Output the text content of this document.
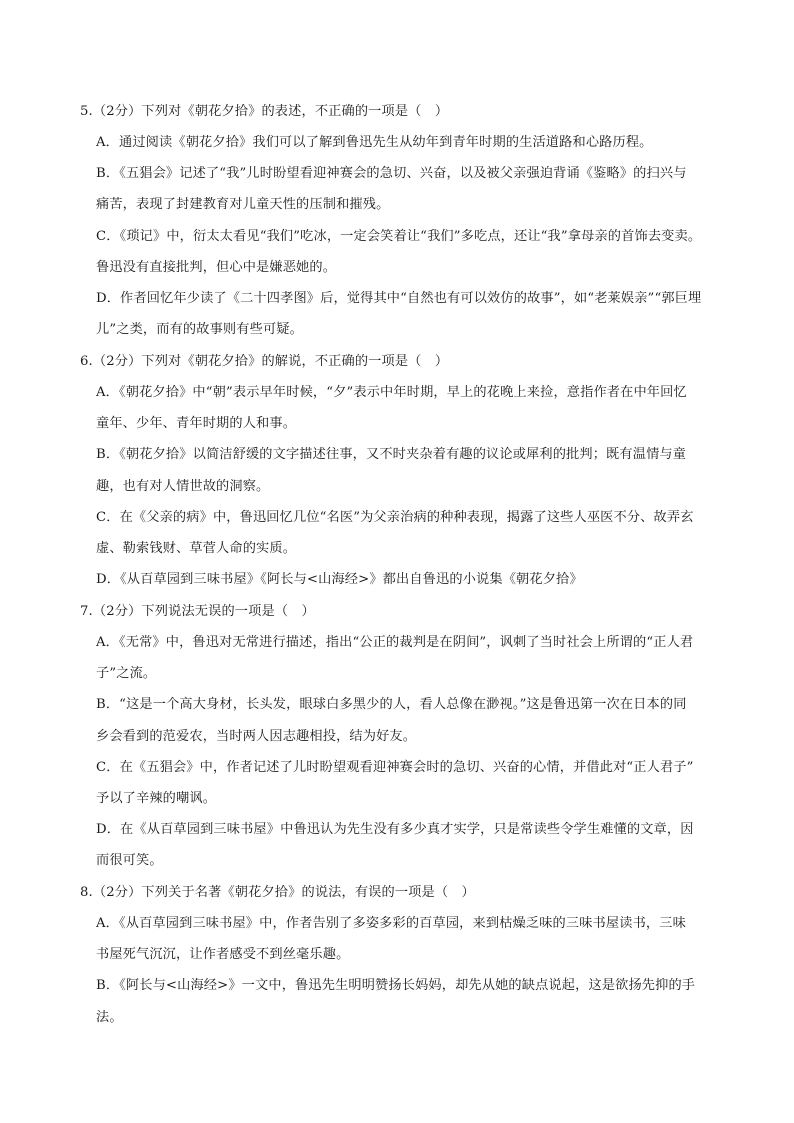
5.（2分）下列对《朝花夕拾》的表述，不正确的一项是（　）
A．通过阅读《朝花夕拾》我们可以了解到鲁迅先生从幼年到青年时期的生活道路和心路历程。
B．《五猖会》记述了“我”儿时盼望看迎神赛会的急切、兴奋，以及被父亲强迫背诵《鉴略》的扫兴与
痛苦，表现了封建教育对儿童天性的压制和摧残。
C．《琐记》中，衍太太看见“我们”吃冰，一定会笑着让“我们”多吃点，还让“我”拿母亲的首饰去变卖。
鲁迅没有直接批判，但心中是嫌恶她的。
D．作者回忆年少读了《二十四孝图》后，觉得其中“自然也有可以效仿的故事”，如“老莱娱亲”“郭巨埋
儿”之类，而有的故事则有些可疑。
6.（2分）下列对《朝花夕拾》的解说，不正确的一项是（　）
A．《朝花夕拾》中“朝”表示早年时候，“夕”表示中年时期，早上的花晚上来捡，意指作者在中年回忆
童年、少年、青年时期的人和事。
B．《朝花夕拾》以简洁舒缓的文字描述往事，又不时夹杂着有趣的议论或犀利的批判；既有温情与童
趣，也有对人情世故的洞察。
C．在《父亲的病》中，鲁迅回忆几位“名医”为父亲治病的种种表现，揭露了这些人巫医不分、故弄玄
虚、勒索钱财、草菅人命的实质。
D．《从百草园到三味书屋》《阿长与<山海经>》都出自鲁迅的小说集《朝花夕拾》
7.（2分）下列说法无误的一项是（　）
A．《无常》中，鲁迅对无常进行描述，指出“公正的裁判是在阴间”，讽刺了当时社会上所谓的“正人君
子”之流。
B．“这是一个高大身材，长头发，眼球白多黑少的人，看人总像在渺视。”这是鲁迅第一次在日本的同
乡会看到的范爱农，当时两人因志趣相投，结为好友。
C．在《五猖会》中，作者记述了儿时盼望观看迎神赛会时的急切、兴奋的心情，并借此对“正人君子”
予以了辛辣的嘲讽。
D．在《从百草园到三味书屋》中鲁迅认为先生没有多少真才实学，只是常读些令学生难懂的文章，因
而很可笑。
8.（2分）下列关于名著《朝花夕拾》的说法，有误的一项是（　）
A．《从百草园到三味书屋》中，作者告别了多姿多彩的百草园，来到枯燥乏味的三味书屋读书，三味
书屋死气沉沉，让作者感受不到丝毫乐趣。
B．《阿长与<山海经>》一文中，鲁迅先生明明赞扬长妈妈，却先从她的缺点说起，这是欲扬先抑的手
法。
